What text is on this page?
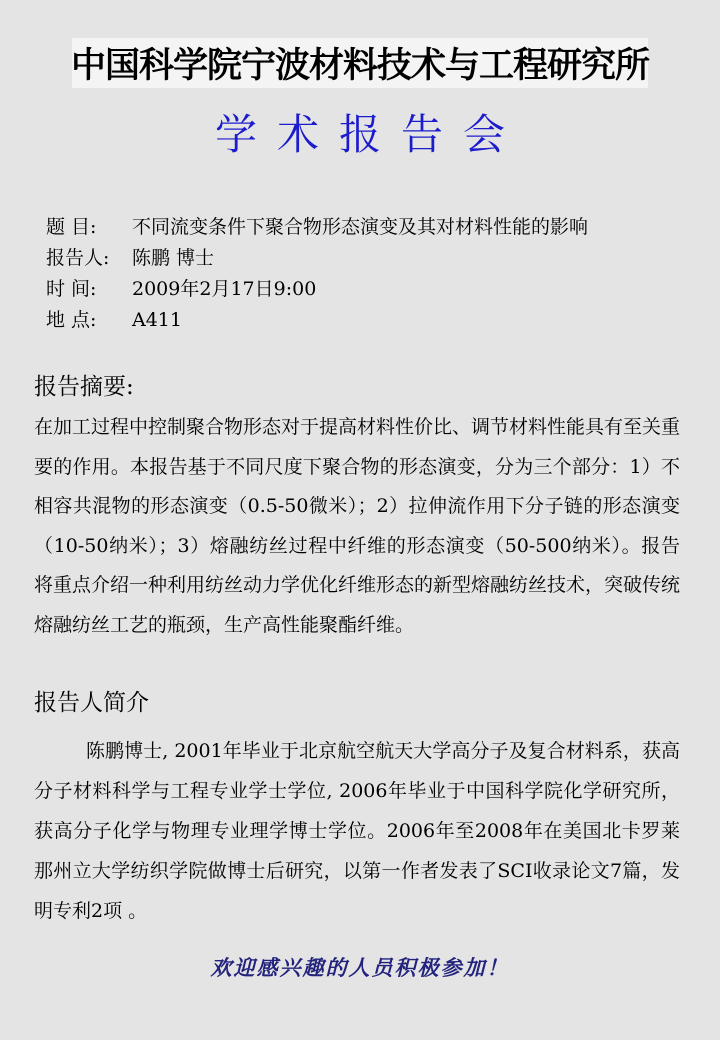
中国科学院宁波材料技术与工程研究所
学术报告会
题 目: 不同流变条件下聚合物形态演变及其对材料性能的影响
报告人: 陈鹏 博士
时 间: 2009年2月17日9:00
地 点: A411
报告摘要:
在加工过程中控制聚合物形态对于提高材料性价比、调节材料性能具有至关重要的作用。本报告基于不同尺度下聚合物的形态演变，分为三个部分：1）不相容共混物的形态演变（0.5-50微米）；2）拉伸流作用下分子链的形态演变（10-50纳米）；3）熔融纺丝过程中纤维的形态演变（50-500纳米）。报告将重点介绍一种利用纺丝动力学优化纤维形态的新型熔融纺丝技术，突破传统熔融纺丝工艺的瓶颈，生产高性能聚酯纤维。
报告人简介
陈鹏博士, 2001年毕业于北京航空航天大学高分子及复合材料系，获高分子材料科学与工程专业学士学位, 2006年毕业于中国科学院化学研究所，获高分子化学与物理专业理学博士学位。2006年至2008年在美国北卡罗莱那州立大学纺织学院做博士后研究，以第一作者发表了SCI收录论文7篇，发明专利2项 。
欢迎感兴趣的人员积极参加！
